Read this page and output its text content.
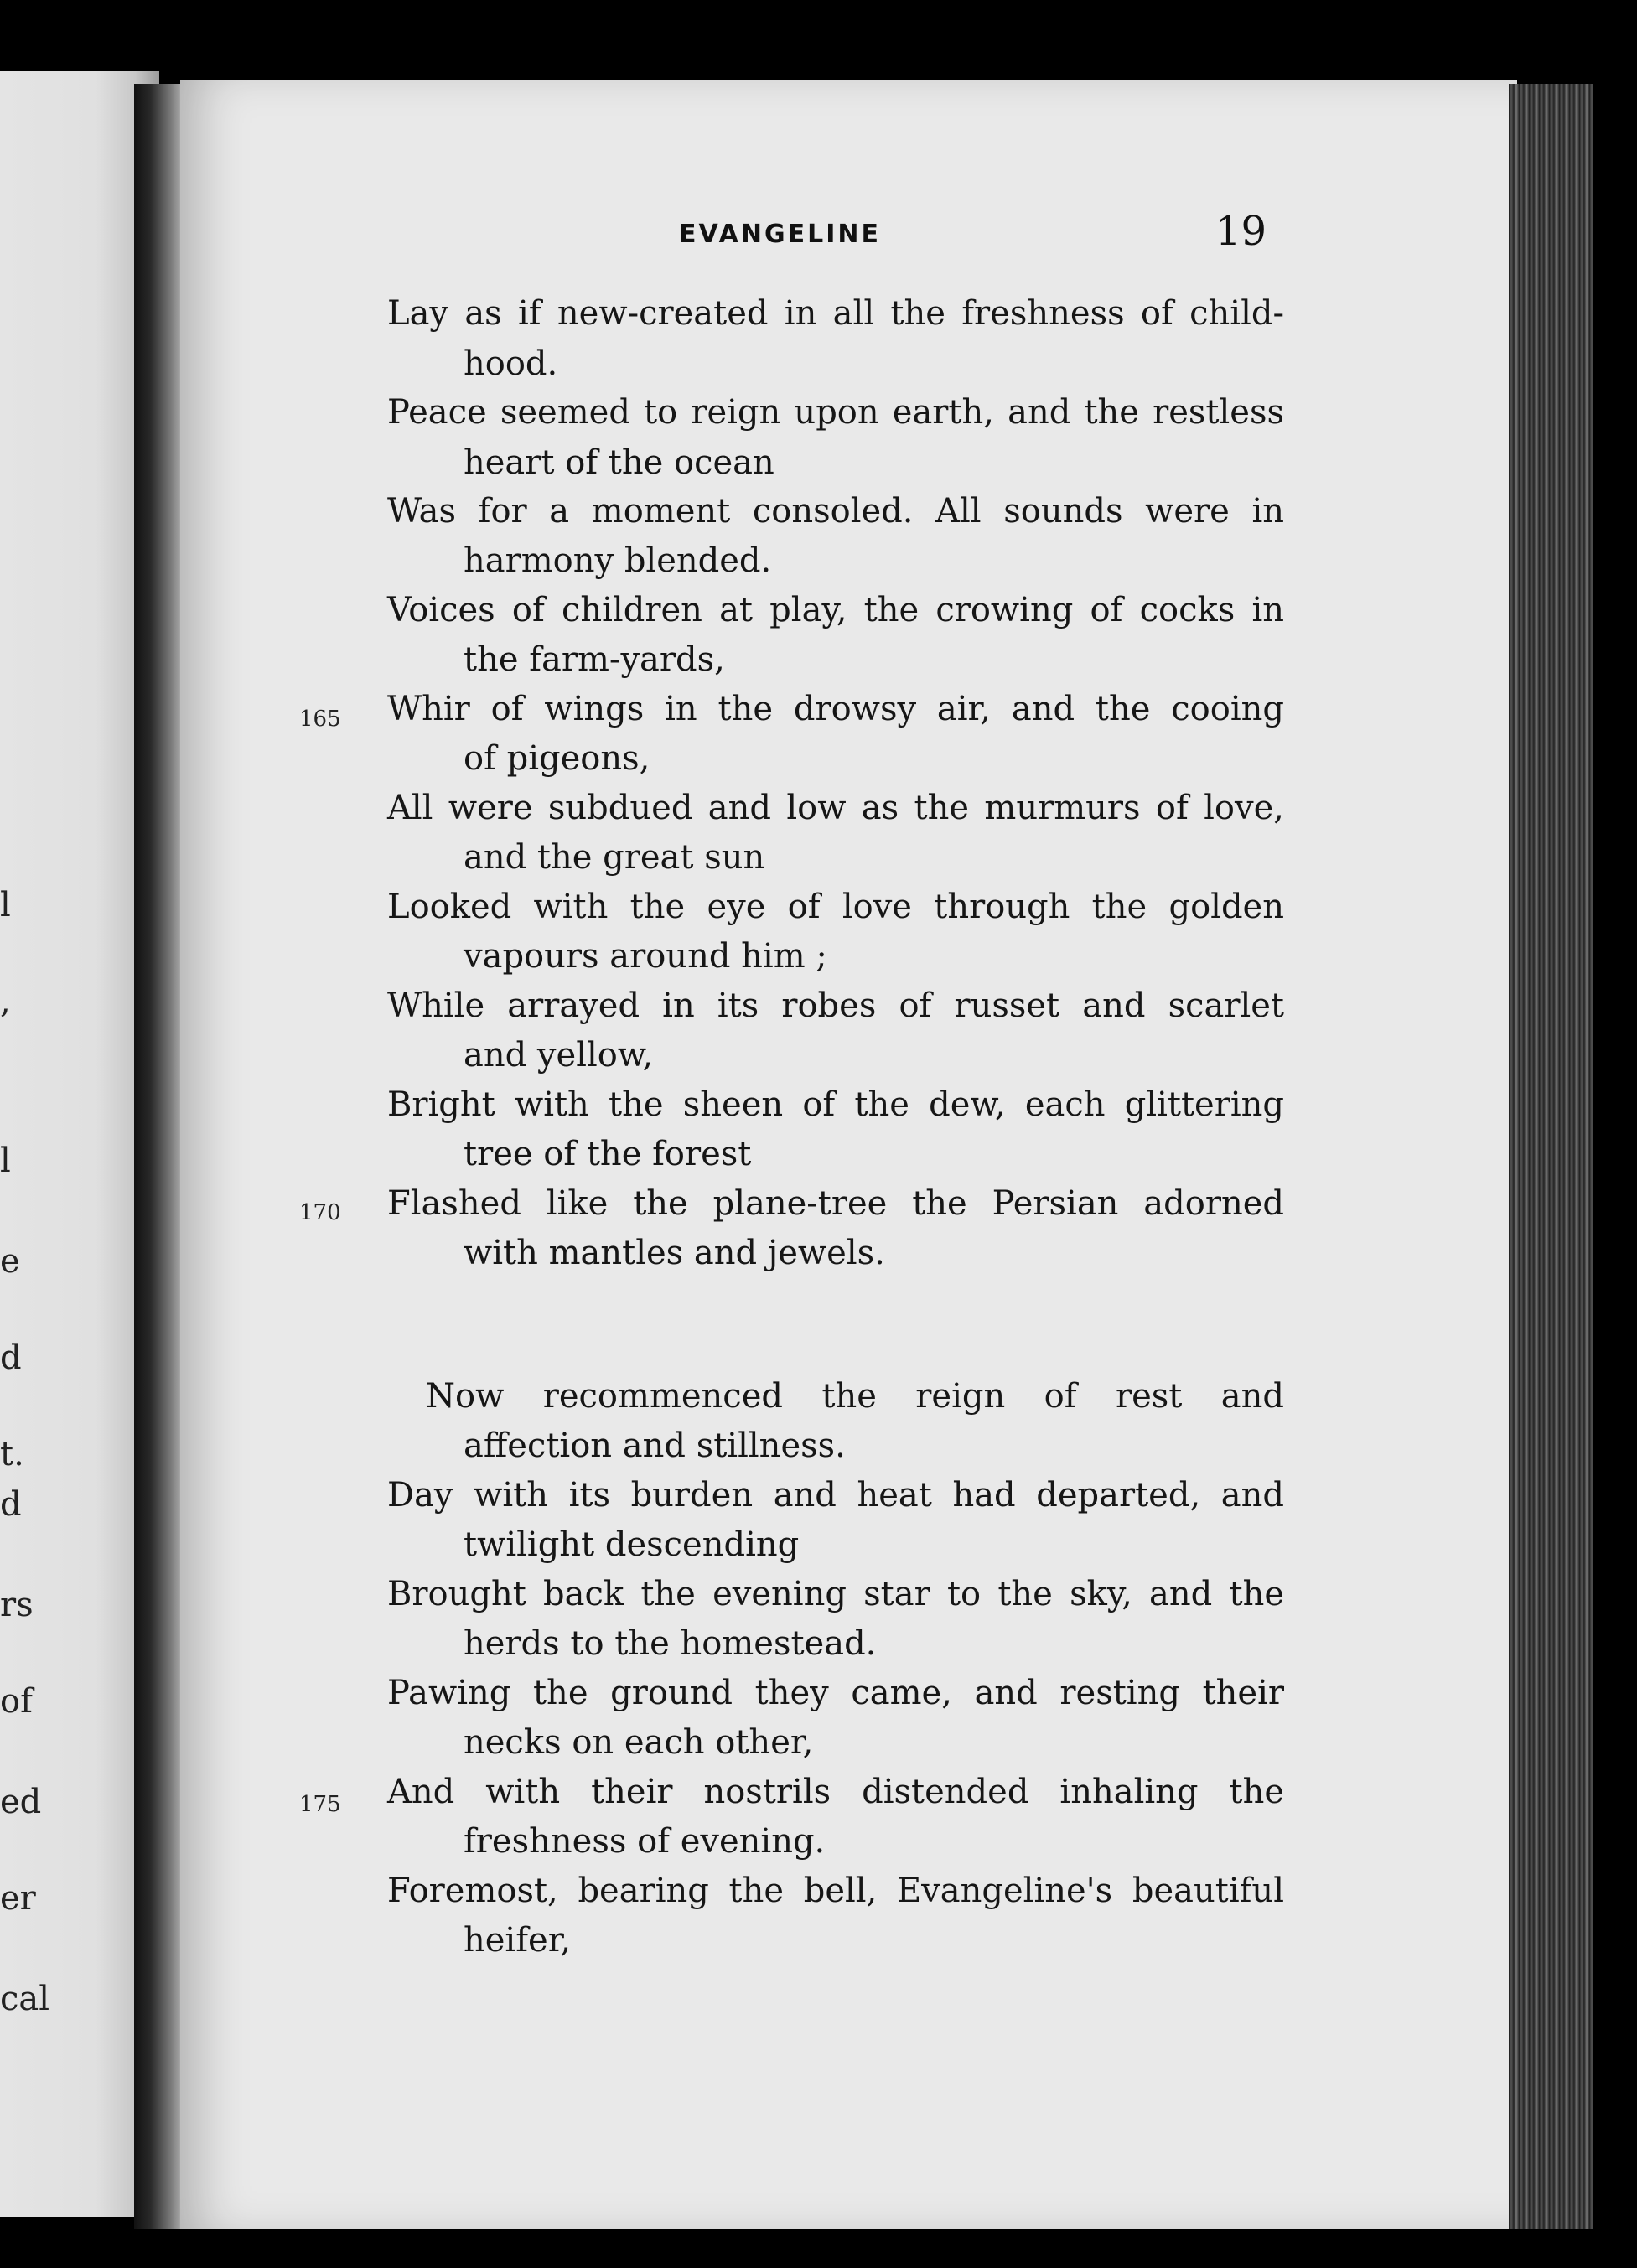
l
,
l
e
d
t.
d
rs
of
ed
er
cal
EVANGELINE	19
165
170
175
Lay as if new-created in all the freshness of child-
hood.
Peace seemed to reign upon earth, and the restless
heart of the ocean
Was for a moment consoled. All sounds were in
harmony blended.
Voices of children at play, the crowing of cocks in
the farm-yards,
Whir of wings in the drowsy air, and the cooing
of pigeons,
All were subdued and low as the murmurs of love,
and the great sun
Looked with the eye of love through the golden
vapours around him ;
While arrayed in its robes of russet and scarlet
and yellow,
Bright with the sheen of the dew, each glittering
tree of the forest
Flashed like the plane-tree the Persian adorned
with mantles and jewels.
Now recommenced the reign of rest and
affection and stillness.
Day with its burden and heat had departed, and
twilight descending
Brought back the evening star to the sky, and the
herds to the homestead.
Pawing the ground they came, and resting their
necks on each other,
And with their nostrils distended inhaling the
freshness of evening.
Foremost, bearing the bell, Evangeline's beautiful
heifer,
